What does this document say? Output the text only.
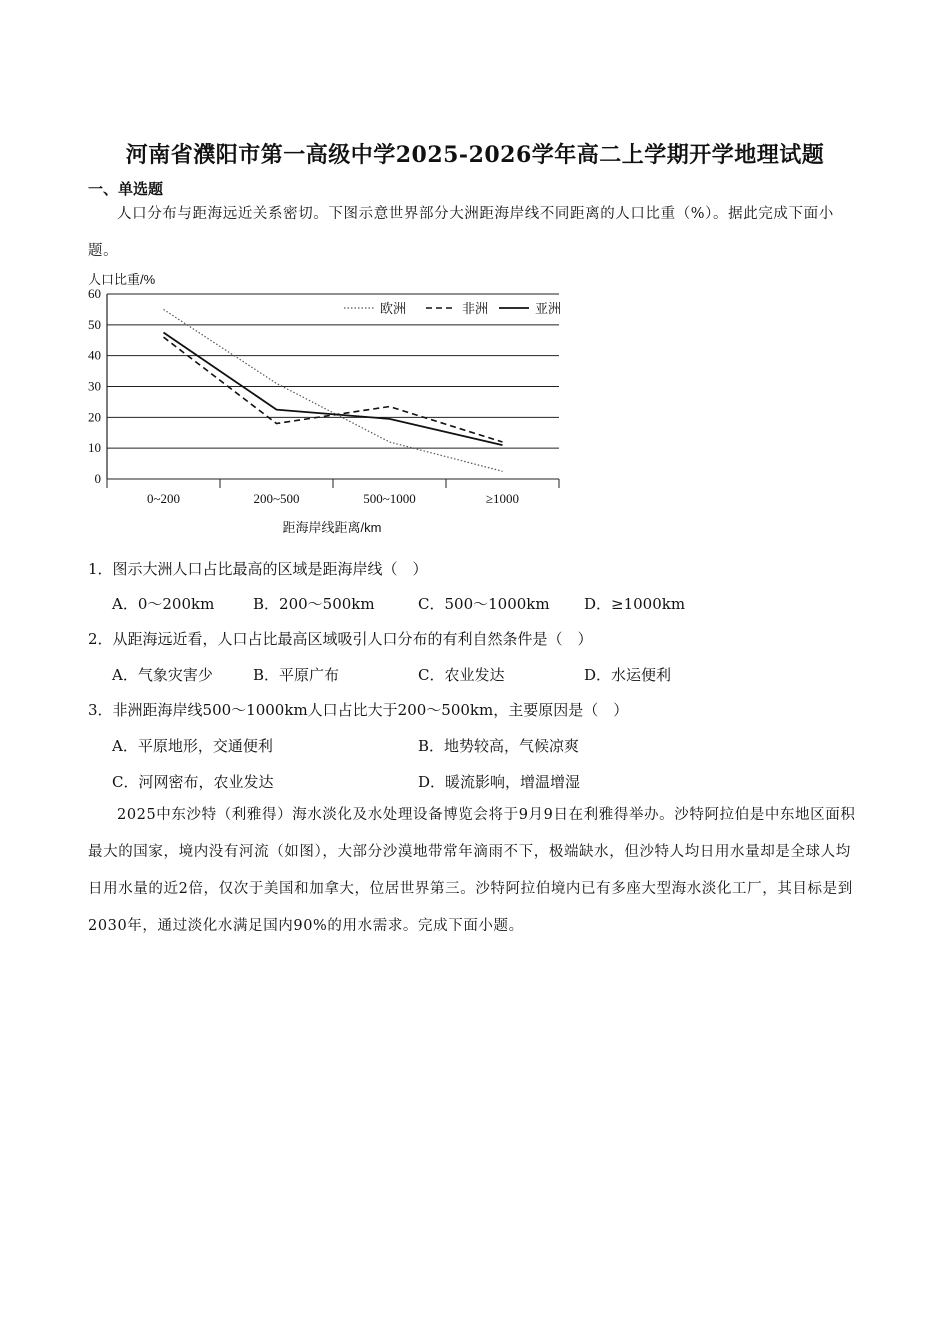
河南省濮阳市第一高级中学2025-2026学年高二上学期开学地理试题
一、单选题

人口分布与距海远近关系密切。下图示意世界部分大洲距海岸线不同距离的人口比重（%）。据此完成下面小题。

0
10
20
30
40
50
60
0~200	200~500	500~1000	≥1000
欧洲	非洲	亚洲
人口比重/%
距海岸线距离/km
1．图示大洲人口占比最高的区域是距海岸线（　）
A．0～200km	B．200～500km	C．500～1000km D．≥1000km
2．从距海远近看，人口占比最高区域吸引人口分布的有利自然条件是（　）
A．气象灾害少	B．平原广布	C．农业发达	D．水运便利
3．非洲距海岸线500～1000km人口占比大于200～500km，主要原因是（　）
A．平原地形，交通便利	B．地势较高，气候凉爽
C．河网密布，农业发达	D．暖流影响，增温增湿

2025中东沙特（利雅得）海水淡化及水处理设备博览会将于9月9日在利雅得举办。沙特阿拉伯是中东地区面积最大的国家，境内没有河流（如图），大部分沙漠地带常年滴雨不下，极端缺水，但沙特人均日用水量却是全球人均日用水量的近2倍，仅次于美国和加拿大，位居世界第三。沙特阿拉伯境内已有多座大型海水淡化工厂，其目标是到2030年，通过淡化水满足国内90%的用水需求。完成下面小题。
